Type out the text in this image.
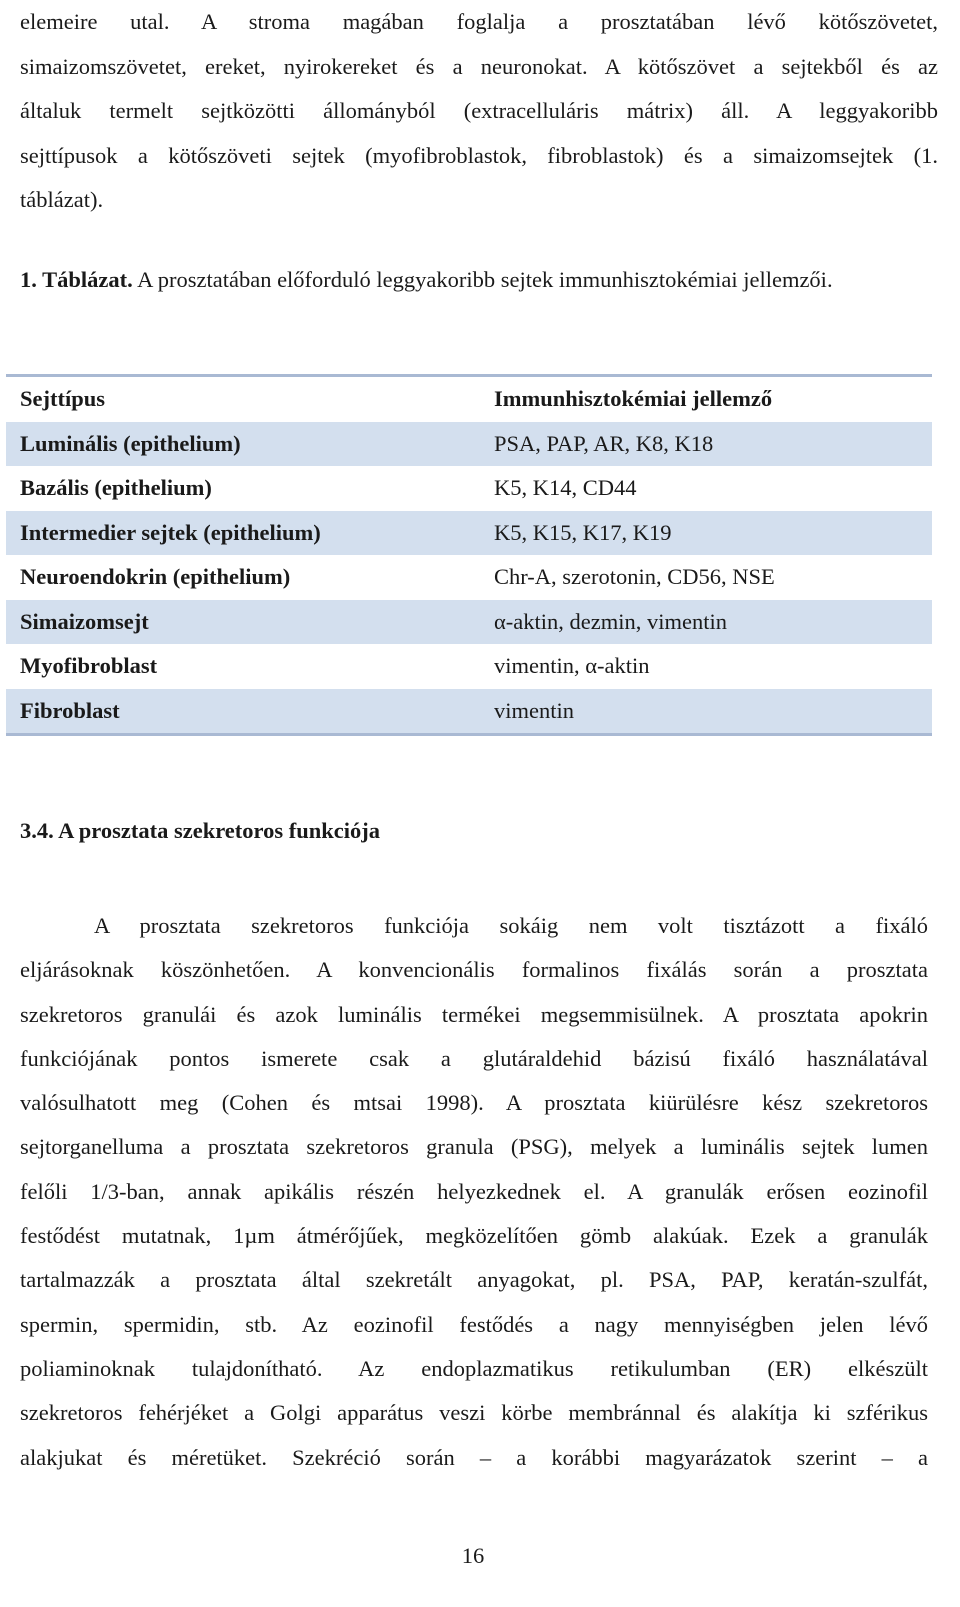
elemeire utal. A stroma magában foglalja a prosztatában lévő kötőszövetet,
simaizomszövetet, ereket, nyirokereket és a neuronokat. A kötőszövet a sejtekből és az
általuk termelt sejtközötti állományból (extracelluláris mátrix) áll. A leggyakoribb
sejttípusok a kötőszöveti sejtek (myofibroblastok, fibroblastok) és a simaizomsejtek (1.
táblázat).

1. Táblázat. A prosztatában előforduló leggyakoribb sejtek immunhisztokémiai jellemzői.

Sejttípus	Immunhisztokémiai jellemző
Luminális (epithelium)	PSA, PAP, AR, K8, K18
Bazális (epithelium)	K5, K14, CD44
Intermedier sejtek (epithelium)	K5, K15, K17, K19
Neuroendokrin (epithelium)	Chr-A, szerotonin, CD56, NSE
Simaizomsejt	α-aktin, dezmin, vimentin
Myofibroblast	vimentin, α-aktin
Fibroblast	vimentin
3.4. A prosztata szekretoros funkciója
A prosztata szekretoros funkciója sokáig nem volt tisztázott a fixáló
eljárásoknak köszönhetően. A konvencionális formalinos fixálás során a prosztata
szekretoros granulái és azok luminális termékei megsemmisülnek. A prosztata apokrin
funkciójának pontos ismerete csak a glutáraldehid bázisú fixáló használatával
valósulhatott meg (Cohen és mtsai 1998). A prosztata kiürülésre kész szekretoros
sejtorganelluma a prosztata szekretoros granula (PSG), melyek a luminális sejtek lumen
felőli 1/3-ban, annak apikális részén helyezkednek el. A granulák erősen eozinofil
festődést mutatnak, 1µm átmérőjűek, megközelítően gömb alakúak. Ezek a granulák
tartalmazzák a prosztata által szekretált anyagokat, pl. PSA, PAP, keratán-szulfát,
spermin, spermidin, stb. Az eozinofil festődés a nagy mennyiségben jelen lévő
poliaminoknak tulajdonítható. Az endoplazmatikus retikulumban (ER) elkészült
szekretoros fehérjéket a Golgi apparátus veszi körbe membránnal és alakítja ki szférikus
alakjukat és méretüket. Szekréció során – a korábbi magyarázatok szerint – a

16
